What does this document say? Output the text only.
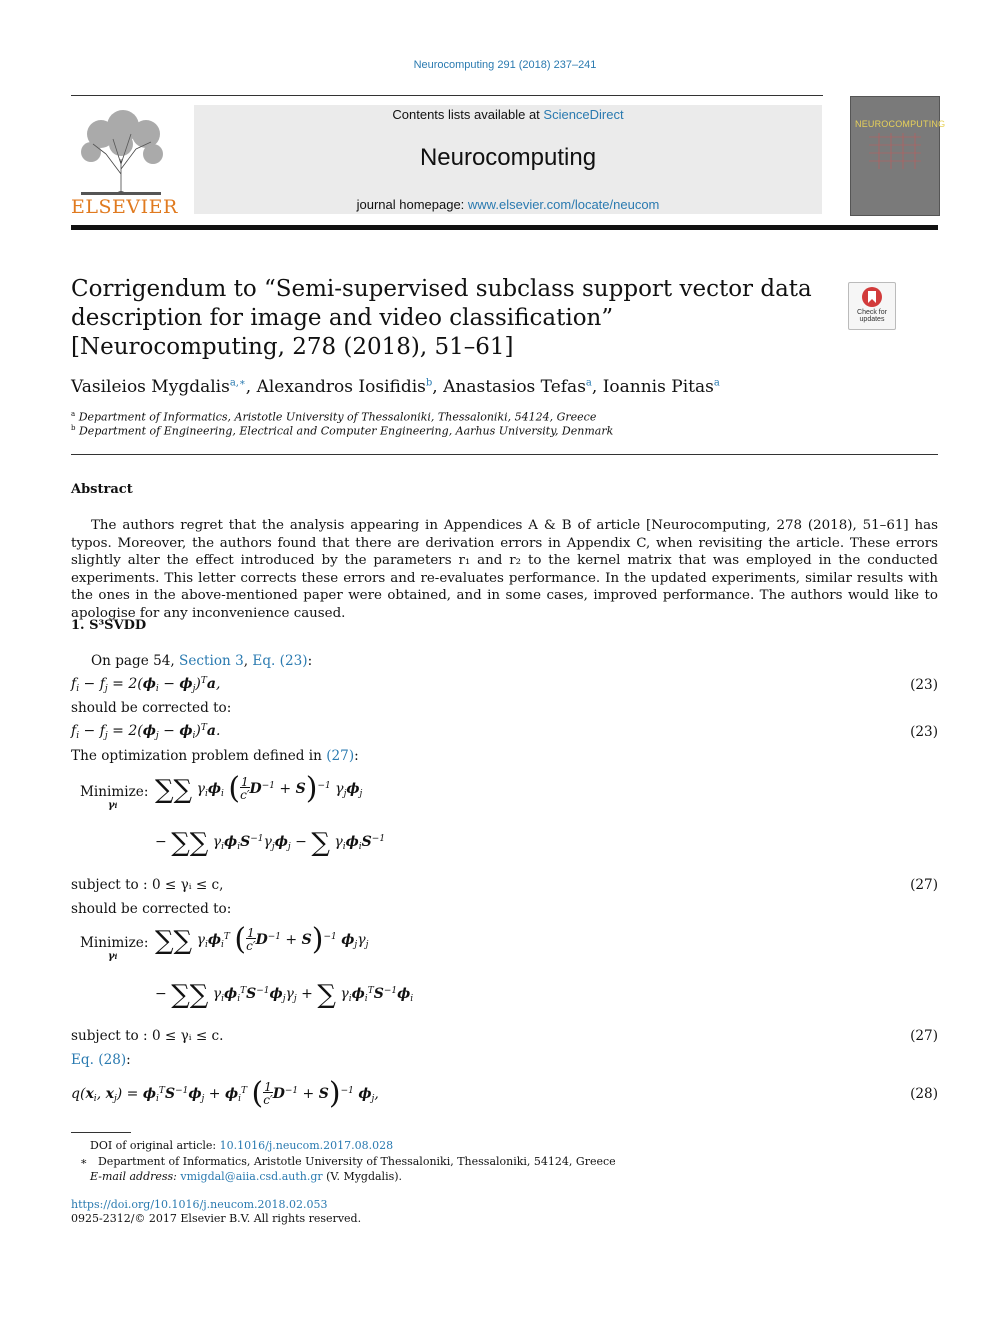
Neurocomputing 291 (2018) 237–241
ELSEVIER
Contents lists available at ScienceDirect
Neurocomputing
journal homepage: www.elsevier.com/locate/neucom
NEUROCOMPUTING
Corrigendum to “Semi-supervised subclass support vector data description for image and video classification” [Neurocomputing, 278 (2018), 51–61]
Check for updates
Vasileios Mygdalis$^{a,∗}$, Alexandros Iosifidis$^b$, Anastasios Tefas$^a$, Ioannis Pitas$^a$
$^a$ Department of Informatics, Aristotle University of Thessaloniki, Thessaloniki, 54124, Greece
$^b$ Department of Engineering, Electrical and Computer Engineering, Aarhus University, Denmark
Abstract
The authors regret that the analysis appearing in Appendices A & B of article [Neurocomputing, 278 (2018), 51–61] has typos. Moreover, the authors found that there are derivation errors in Appendix C, when revisiting the article. These errors slightly alter the effect introduced by the parameters r₁ and r₂ to the kernel matrix that was employed in the conducted experiments. This letter corrects these errors and re-evaluates performance. In the updated experiments, similar results with the ones in the above-mentioned paper were obtained, and in some cases, improved performance. The authors would like to apologise for any inconvenience caused.
1. S³SVDD
On page 54, Section 3, Eq. (23):
$f_i - f_j = 2(\phi_i - \phi_j)^Ta$,	(23)
should be corrected to:
$f_i - f_j = 2(\phi_j - \phi_i)^Ta$.	(23)
The optimization problem defined in (27):
Minimize:
γi
∑∑ $\gamma_i\phi_i$ (1
$c'D^{-1} + S)^{-1}$ $\gamma_j\phi_j$
− ∑∑ $\gamma_i\phi_iS^{-1}\gamma_j\phi_j$ − ∑ $\gamma_i\phi_iS^{-1}$
subject to : 0 ≤ γᵢ ≤ c,	(27)
should be corrected to:
Minimize:
γi
∑∑ $\gamma_i\phi_i^T$ (1
$c'D^{-1} + S)^{-1}$ $\phi_j\gamma_j$
− ∑∑ $\gamma_i\phi_i^TS^{-1}\phi_j\gamma_j$ + ∑ $\gamma_i\phi_i^TS^{-1}\phi_i$
subject to : 0 ≤ γᵢ ≤ c.	(27)
Eq. (28):
$q(x_i$, $x_j) = \phi_i^TS^{-1}\phi_j + \phi_i^T$ (1
$c'D^{-1} + S)^{-1}$ $\phi_j$,	(28)
DOI of original article: 10.1016/j.neucom.2017.08.028
∗ Department of Informatics, Aristotle University of Thessaloniki, Thessaloniki, 54124, Greece
E-mail address: vmigdal@aiia.csd.auth.gr (V. Mygdalis).
https://doi.org/10.1016/j.neucom.2018.02.053
0925-2312/© 2017 Elsevier B.V. All rights reserved.
